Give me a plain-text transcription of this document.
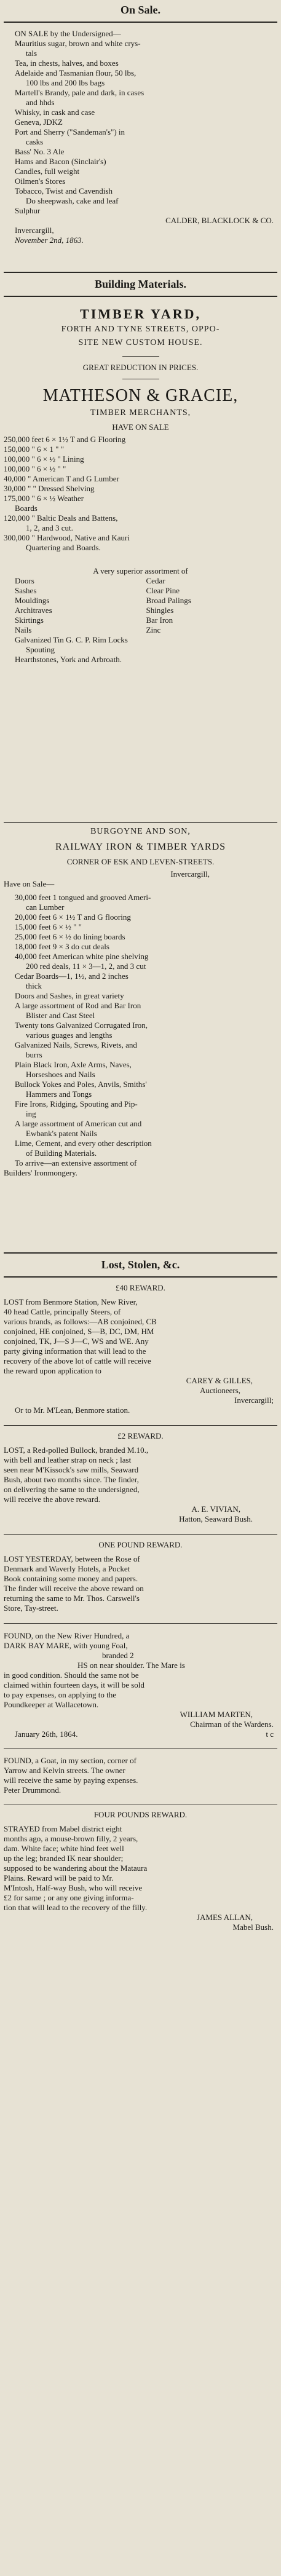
On Sale.
ON SALE by the Undersigned—
Mauritius sugar, brown and white crys-
tals
Tea, in chests, halves, and boxes
Adelaide and Tasmanian flour, 50 lbs,
100 lbs and 200 lbs bags
Martell's Brandy, pale and dark, in cases
and hhds
Whisky, in cask and case
Geneva, JDKZ
Port and Sherry ("Sandeman's") in
casks
Bass' No. 3 Ale
Hams and Bacon (Sinclair's)
Candles, full weight
Oilmen's Stores
Tobacco, Twist and Cavendish
Do sheepwash, cake and leaf
Sulphur
CALDER, BLACKLOCK & CO.
Invercargill,
November 2nd, 1863.
Building Materials.
TIMBER YARD,
FORTH AND TYNE STREETS, OPPO-
SITE NEW CUSTOM HOUSE.
GREAT REDUCTION IN PRICES.
MATHESON & GRACIE,
TIMBER MERCHANTS,
HAVE ON SALE
250,000 feet 6 × 1½ T and G Flooring
150,000 " 6 × 1 " "
100,000 " 6 × ½ " Lining
100,000 " 6 × ½ " "
40,000 " American T and G Lumber
30,000 " " Dressed Shelving
175,000 " 6 × ½ Weather
Boards
120,000 " Baltic Deals and Battens,
1, 2, and 3 cut.
300,000 " Hardwood, Native and Kauri
Quartering and Boards.
A very superior assortment of
Doors	Cedar
Sashes	Clear Pine
Mouldings	Broad Palings
Architraves	Shingles
Skirtings	Bar Iron
Nails	Zinc
Galvanized Tin G. C. P. Rim Locks
Spouting
Hearthstones, York and Arbroath.
BURGOYNE AND SON,
RAILWAY IRON & TIMBER YARDS
CORNER OF ESK AND LEVEN-STREETS.
Invercargill,
Have on Sale—
30,000 feet 1 tongued and grooved Ameri-
can Lumber
20,000 feet 6 × 1½ T and G flooring
15,000 feet 6 × ½ " "
25,000 feet 6 × ½ do lining boards
18,000 feet 9 × 3 do cut deals
40,000 feet American white pine shelving
200 red deals, 11 × 3—1, 2, and 3 cut
Cedar Boards—1, 1½, and 2 inches
thick
Doors and Sashes, in great variety
A large assortment of Rod and Bar Iron
Blister and Cast Steel
Twenty tons Galvanized Corrugated Iron,
various guages and lengths
Galvanized Nails, Screws, Rivets, and
burrs
Plain Black Iron, Axle Arms, Naves,
Horseshoes and Nails
Bullock Yokes and Poles, Anvils, Smiths'
Hammers and Tongs
Fire Irons, Ridging, Spouting and Pip-
ing
A large assortment of American cut and
Ewbank's patent Nails
Lime, Cement, and every other description
of Building Materials.
To arrive—an extensive assortment of
Builders' Ironmongery.
Lost, Stolen, &c.
£40 REWARD.
LOST from Benmore Station, New River,
40 head Cattle, principally Steers, of
various brands, as follows:—AB conjoined, CB
conjoined, HE conjoined, S—B, DC, DM, HM
conjoined, TK, J—S J—C, WS and WE. Any
party giving information that will lead to the
recovery of the above lot of cattle will receive
the reward upon application to
CAREY & GILLES,
Auctioneers,
Invercargill;
Or to Mr. M'Lean, Benmore station.
£2 REWARD.
LOST, a Red-polled Bullock, branded M.10.,
with bell and leather strap on neck ; last
seen near M'Kissock's saw mills, Seaward
Bush, about two months since. The finder,
on delivering the same to the undersigned,
will receive the above reward.
A. E. VIVIAN,
Hatton, Seaward Bush.
ONE POUND REWARD.
LOST YESTERDAY, between the Rose of
Denmark and Waverly Hotels, a Pocket
Book containing some money and papers.
The finder will receive the above reward on
returning the same to Mr. Thos. Carswell's
Store, Tay-street.
FOUND, on the New River Hundred, a
DARK BAY MARE, with young Foal,
branded 2
HS on near shoulder. The Mare is
in good condition. Should the same not be
claimed within fourteen days, it will be sold
to pay expenses, on applying to the
Poundkeeper at Wallacetown.
WILLIAM MARTEN,
Chairman of the Wardens.
January 26th, 1864.	t c
FOUND, a Goat, in my section, corner of
Yarrow and Kelvin streets. The owner
will receive the same by paying expenses.
Peter Drummond.
FOUR POUNDS REWARD.
STRAYED from Mabel district eight
months ago, a mouse-brown filly, 2 years,
dam. White face; white hind feet well
up the leg; branded IK near shoulder;
supposed to be wandering about the Mataura
Plains. Reward will be paid to Mr.
M'Intosh, Half-way Bush, who will receive
£2 for same ; or any one giving informa-
tion that will lead to the recovery of the filly.
JAMES ALLAN,
Mabel Bush.
